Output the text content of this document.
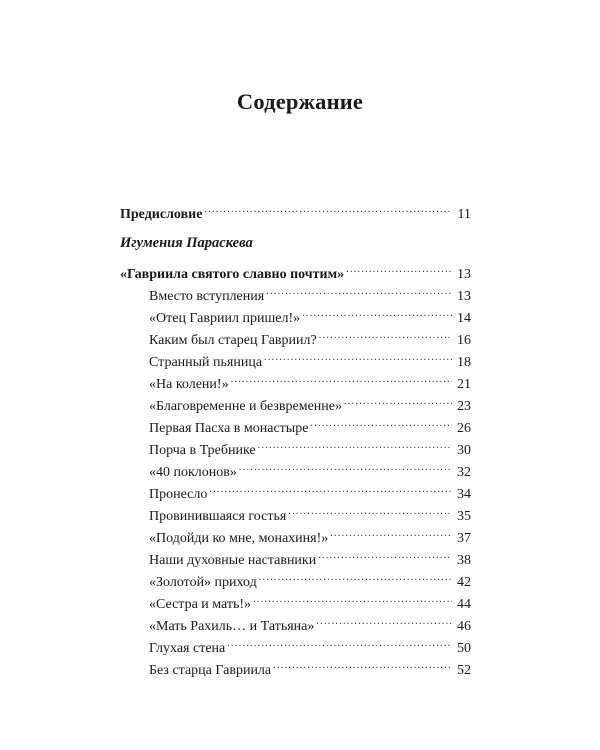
Содержание
Предисловие .....	11
«Гавриила святого славно почтим» .....	13
Вместо вступления .....	13
«Отец Гавриил пришел!» .....	14
Каким был старец Гавриил? .....	16
Странный пьяница .....	18
«На колени!» .....	21
«Благовременне и безвременне» .....	23
Первая Пасха в монастыре .....	26
Порча в Требнике .....	30
«40 поклонов» .....	32
Пронесло .....	34
Провинившаяся гостья .....	35
«Подойди ко мне, монахиня!» .....	37
Наши духовные наставники .....	38
«Золотой» приход .....	42
«Сестра и мать!» .....	44
«Мать Рахиль… и Татьяна» .....	46
Глухая стена .....	50
Без старца Гавриила .....	52
Игумения Параскева
